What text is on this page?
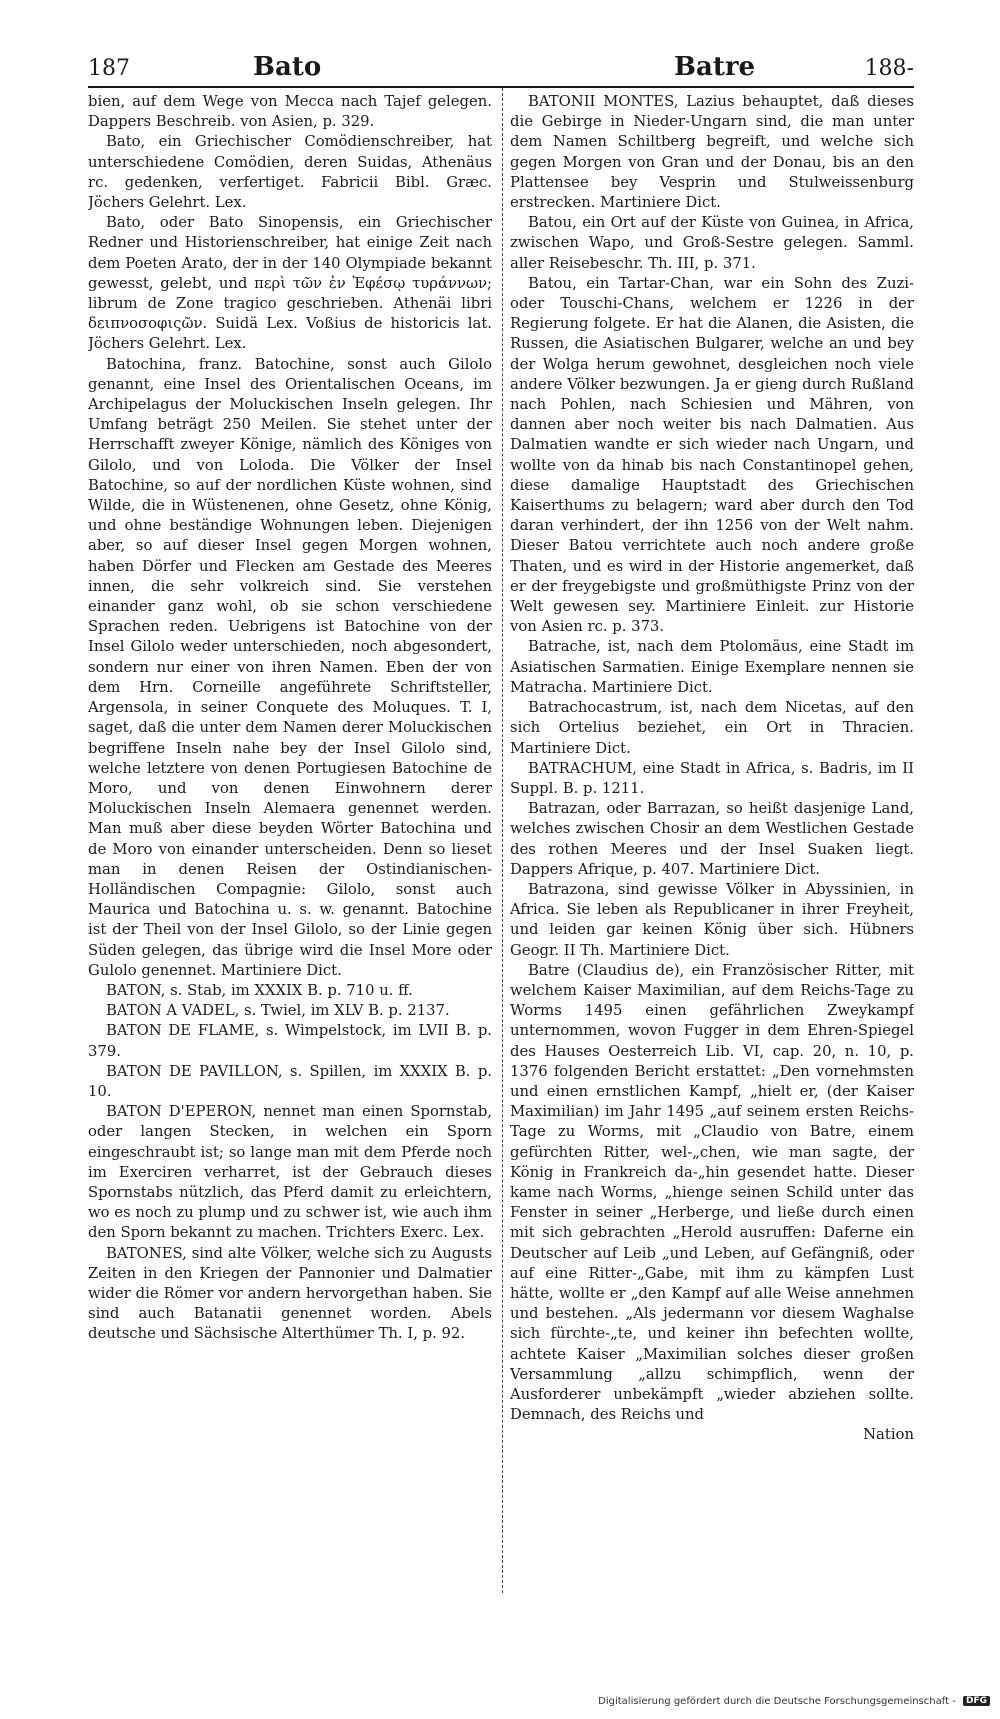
187	Bato	Batre	188-

bien, auf dem Wege von Mecca nach Tajef gelegen. Dappers Beschreib. von Asien, p. 329.

Bato, ein Griechischer Comödienschreiber, hat unterschiedene Comödien, deren Suidas, Athenäus rc. gedenken, verfertiget. Fabricii Bibl. Græc. Jöchers Gelehrt. Lex.

Bato, oder Bato Sinopensis, ein Griechischer Redner und Historienschreiber, hat einige Zeit nach dem Poeten Arato, der in der 140 Olympiade bekannt gewesst, gelebt, und περὶ τῶν ἐν Ἐφέσῳ τυράννων; librum de Zone tragico geschrieben. Athenäi libri δειπνοσοφιςῶν. Suidä Lex. Voßius de historicis lat. Jöchers Gelehrt. Lex.

Batochina, franz. Batochine, sonst auch Gilolo genannt, eine Insel des Orientalischen Oceans, im Archipelagus der Moluckischen Inseln gelegen. Ihr Umfang beträgt 250 Meilen. Sie stehet unter der Herrschafft zweyer Könige, nämlich des Königes von Gilolo, und von Loloda. Die Völker der Insel Batochine, so auf der nordlichen Küste wohnen, sind Wilde, die in Wüstenenen, ohne Gesetz, ohne König, und ohne beständige Wohnungen leben. Diejenigen aber, so auf dieser Insel gegen Morgen wohnen, haben Dörfer und Flecken am Gestade des Meeres innen, die sehr volkreich sind. Sie verstehen einander ganz wohl, ob sie schon verschiedene Sprachen reden. Uebrigens ist Batochine von der Insel Gilolo weder unterschieden, noch abgesondert, sondern nur einer von ihren Namen. Eben der von dem Hrn. Corneille angeführete Schriftsteller, Argensola, in seiner Conquete des Moluques. T. I, saget, daß die unter dem Namen derer Moluckischen begriffene Inseln nahe bey der Insel Gilolo sind, welche letztere von denen Portugiesen Batochine de Moro, und von denen Einwohnern derer Moluckischen Inseln Alemaera genennet werden. Man muß aber diese beyden Wörter Batochina und de Moro von einander unterscheiden. Denn so lieset man in denen Reisen der Ostindianischen-Holländischen Compagnie: Gilolo, sonst auch Maurica und Batochina u. s. w. genannt. Batochine ist der Theil von der Insel Gilolo, so der Linie gegen Süden gelegen, das übrige wird die Insel More oder Gulolo genennet. Martiniere Dict.

BATON, s. Stab, im XXXIX B. p. 710 u. ff.

BATON A VADEL, s. Twiel, im XLV B. p. 2137.

BATON DE FLAME, s. Wimpelstock, im LVII B. p. 379.

BATON DE PAVILLON, s. Spillen, im XXXIX B. p. 10.

BATON D'EPERON, nennet man einen Spornstab, oder langen Stecken, in welchen ein Sporn eingeschraubt ist; so lange man mit dem Pferde noch im Exerciren verharret, ist der Gebrauch dieses Spornstabs nützlich, das Pferd damit zu erleichtern, wo es noch zu plump und zu schwer ist, wie auch ihm den Sporn bekannt zu machen. Trichters Exerc. Lex.

BATONES, sind alte Völker, welche sich zu Augusts Zeiten in den Kriegen der Pannonier und Dalmatier wider die Römer vor andern hervorgethan haben. Sie sind auch Batanatii genennet worden. Abels deutsche und Sächsische Alterthümer Th. I, p. 92.

BATONII MONTES, Lazius behauptet, daß dieses die Gebirge in Nieder-Ungarn sind, die man unter dem Namen Schiltberg begreift, und welche sich gegen Morgen von Gran und der Donau, bis an den Plattensee bey Vesprin und Stulweissenburg erstrecken. Martiniere Dict.

Batou, ein Ort auf der Küste von Guinea, in Africa, zwischen Wapo, und Groß-Sestre gelegen. Samml. aller Reisebeschr. Th. III, p. 371.

Batou, ein Tartar-Chan, war ein Sohn des Zuzi-oder Touschi-Chans, welchem er 1226 in der Regierung folgete. Er hat die Alanen, die Asisten, die Russen, die Asiatischen Bulgarer, welche an und bey der Wolga herum gewohnet, desgleichen noch viele andere Völker bezwungen. Ja er gieng durch Rußland nach Pohlen, nach Schiesien und Mähren, von dannen aber noch weiter bis nach Dalmatien. Aus Dalmatien wandte er sich wieder nach Ungarn, und wollte von da hinab bis nach Constantinopel gehen, diese damalige Hauptstadt des Griechischen Kaiserthums zu belagern; ward aber durch den Tod daran verhindert, der ihn 1256 von der Welt nahm. Dieser Batou verrichtete auch noch andere große Thaten, und es wird in der Historie angemerket, daß er der freygebigste und großmüthigste Prinz von der Welt gewesen sey. Martiniere Einleit. zur Historie von Asien rc. p. 373.

Batrache, ist, nach dem Ptolomäus, eine Stadt im Asiatischen Sarmatien. Einige Exemplare nennen sie Matracha. Martiniere Dict.

Batrachocastrum, ist, nach dem Nicetas, auf den sich Ortelius beziehet, ein Ort in Thracien. Martiniere Dict.

BATRACHUM, eine Stadt in Africa, s. Badris, im II Suppl. B. p. 1211.

Batrazan, oder Barrazan, so heißt dasjenige Land, welches zwischen Chosir an dem Westlichen Gestade des rothen Meeres und der Insel Suaken liegt. Dappers Afrique, p. 407. Martiniere Dict.

Batrazona, sind gewisse Völker in Abyssinien, in Africa. Sie leben als Republicaner in ihrer Freyheit, und leiden gar keinen König über sich. Hübners Geogr. II Th. Martiniere Dict.

Batre (Claudius de), ein Französischer Ritter, mit welchem Kaiser Maximilian, auf dem Reichs-Tage zu Worms 1495 einen gefährlichen Zweykampf unternommen, wovon Fugger in dem Ehren-Spiegel des Hauses Oesterreich Lib. VI, cap. 20, n. 10, p. 1376 folgenden Bericht erstattet: „Den vornehmsten und einen ernstlichen Kampf, „hielt er, (der Kaiser Maximilian) im Jahr 1495 „auf seinem ersten Reichs-Tage zu Worms, mit „Claudio von Batre, einem gefürchten Ritter, wel-„chen, wie man sagte, der König in Frankreich da-„hin gesendet hatte. Dieser kame nach Worms, „hienge seinen Schild unter das Fenster in seiner „Herberge, und ließe durch einen mit sich gebrachten „Herold ausruffen: Daferne ein Deutscher auf Leib „und Leben, auf Gefängniß, oder auf eine Ritter-„Gabe, mit ihm zu kämpfen Lust hätte, wollte er „den Kampf auf alle Weise annehmen und bestehen. „Als jedermann vor diesem Waghalse sich fürchte-„te, und keiner ihn befechten wollte, achtete Kaiser „Maximilian solches dieser großen Versammlung „allzu schimpflich, wenn der Ausforderer unbekämpft „wieder abziehen sollte. Demnach, des Reichs und

Nation

Digitalisierung gefördert durch die Deutsche Forschungsgemeinschaft - DFG
